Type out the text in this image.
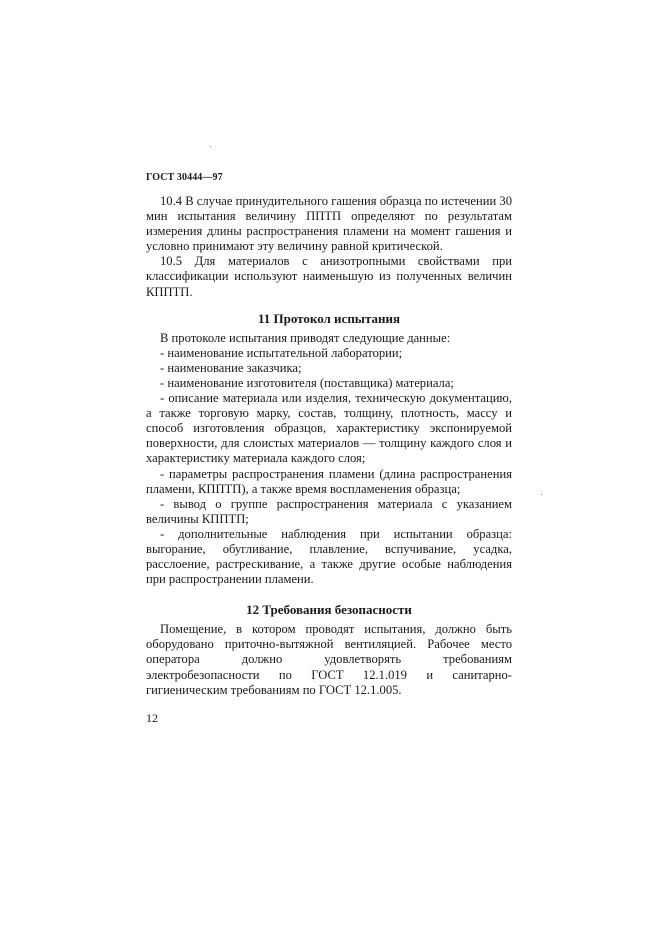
ГОСТ 30444—97

10.4 В случае принудительного гашения образца по истечении 30 мин испытания величину ППТП определяют по результатам измерения длины распространения пламени на момент гашения и условно принимают эту величину равной критической.

10.5 Для материалов с анизотропными свойствами при классификации используют наименьшую из полученных величин КППТП.

11 Протокол испытания

В протоколе испытания приводят следующие данные:

- наименование испытательной лаборатории;

- наименование заказчика;

- наименование изготовителя (поставщика) материала;

- описание материала или изделия, техническую документацию, а также торговую марку, состав, толщину, плотность, массу и способ изготовления образцов, характеристику экспонируемой поверхности, для слоистых материалов — толщину каждого слоя и характеристику материала каждого слоя;

- параметры распространения пламени (длина распространения пламени, КППТП), а также время воспламенения образца;

- вывод о группе распространения материала с указанием величины КППТП;

- дополнительные наблюдения при испытании образца: выгорание, обугливание, плавление, вспучивание, усадка, расслоение, растрескивание, а также другие особые наблюдения при распространении пламени.

12 Требования безопасности

Помещение, в котором проводят испытания, должно быть оборудовано приточно-вытяжной вентиляцией. Рабочее место оператора должно удовлетворять требованиям электробезопасности по ГОСТ 12.1.019 и санитарно-гигиеническим требованиям по ГОСТ 12.1.005.

12
